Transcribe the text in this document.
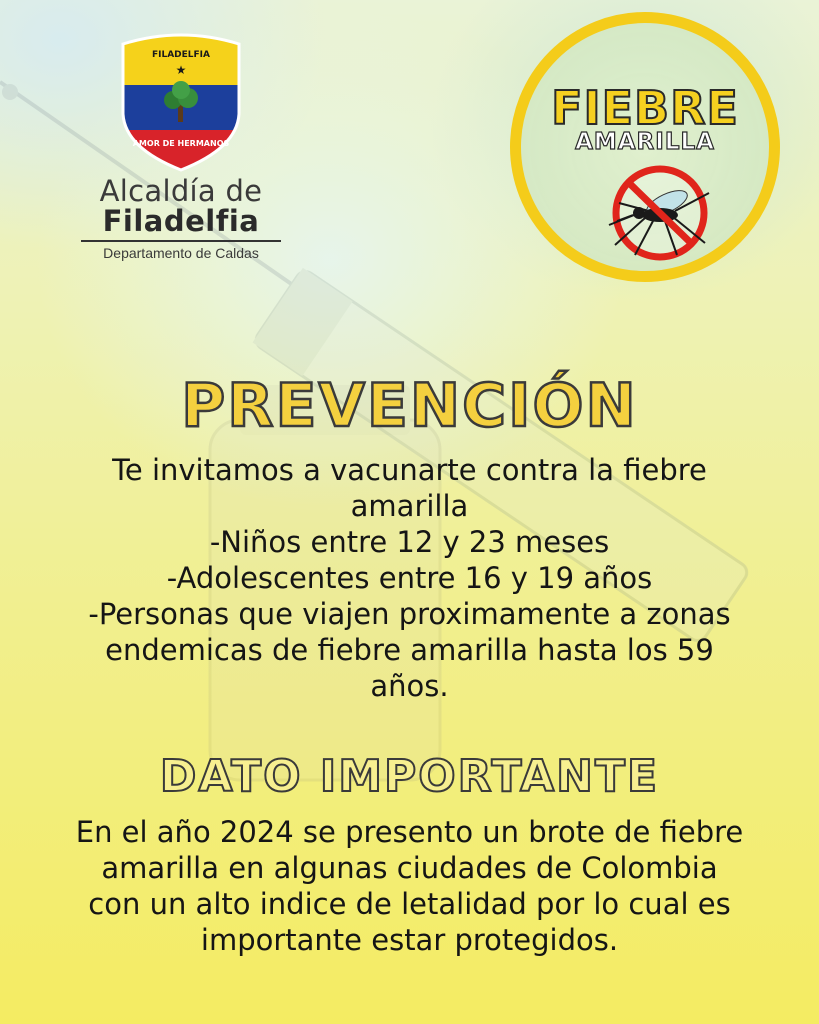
FILADELFIA
★
AMOR DE HERMANOS
Alcaldía de
Filadelfia
Departamento de Caldas
FIEBRE
AMARILLA
PREVENCIÓN
Te invitamos a vacunarte contra la fiebre
amarilla
-Niños entre 12 y 23 meses
-Adolescentes entre 16 y 19 años
-Personas que viajen proximamente a zonas
endemicas de fiebre amarilla hasta los 59
años.
DATO IMPORTANTE
En el año 2024 se presento un brote de fiebre
amarilla en algunas ciudades de Colombia
con un alto indice de letalidad por lo cual es
importante estar protegidos.
